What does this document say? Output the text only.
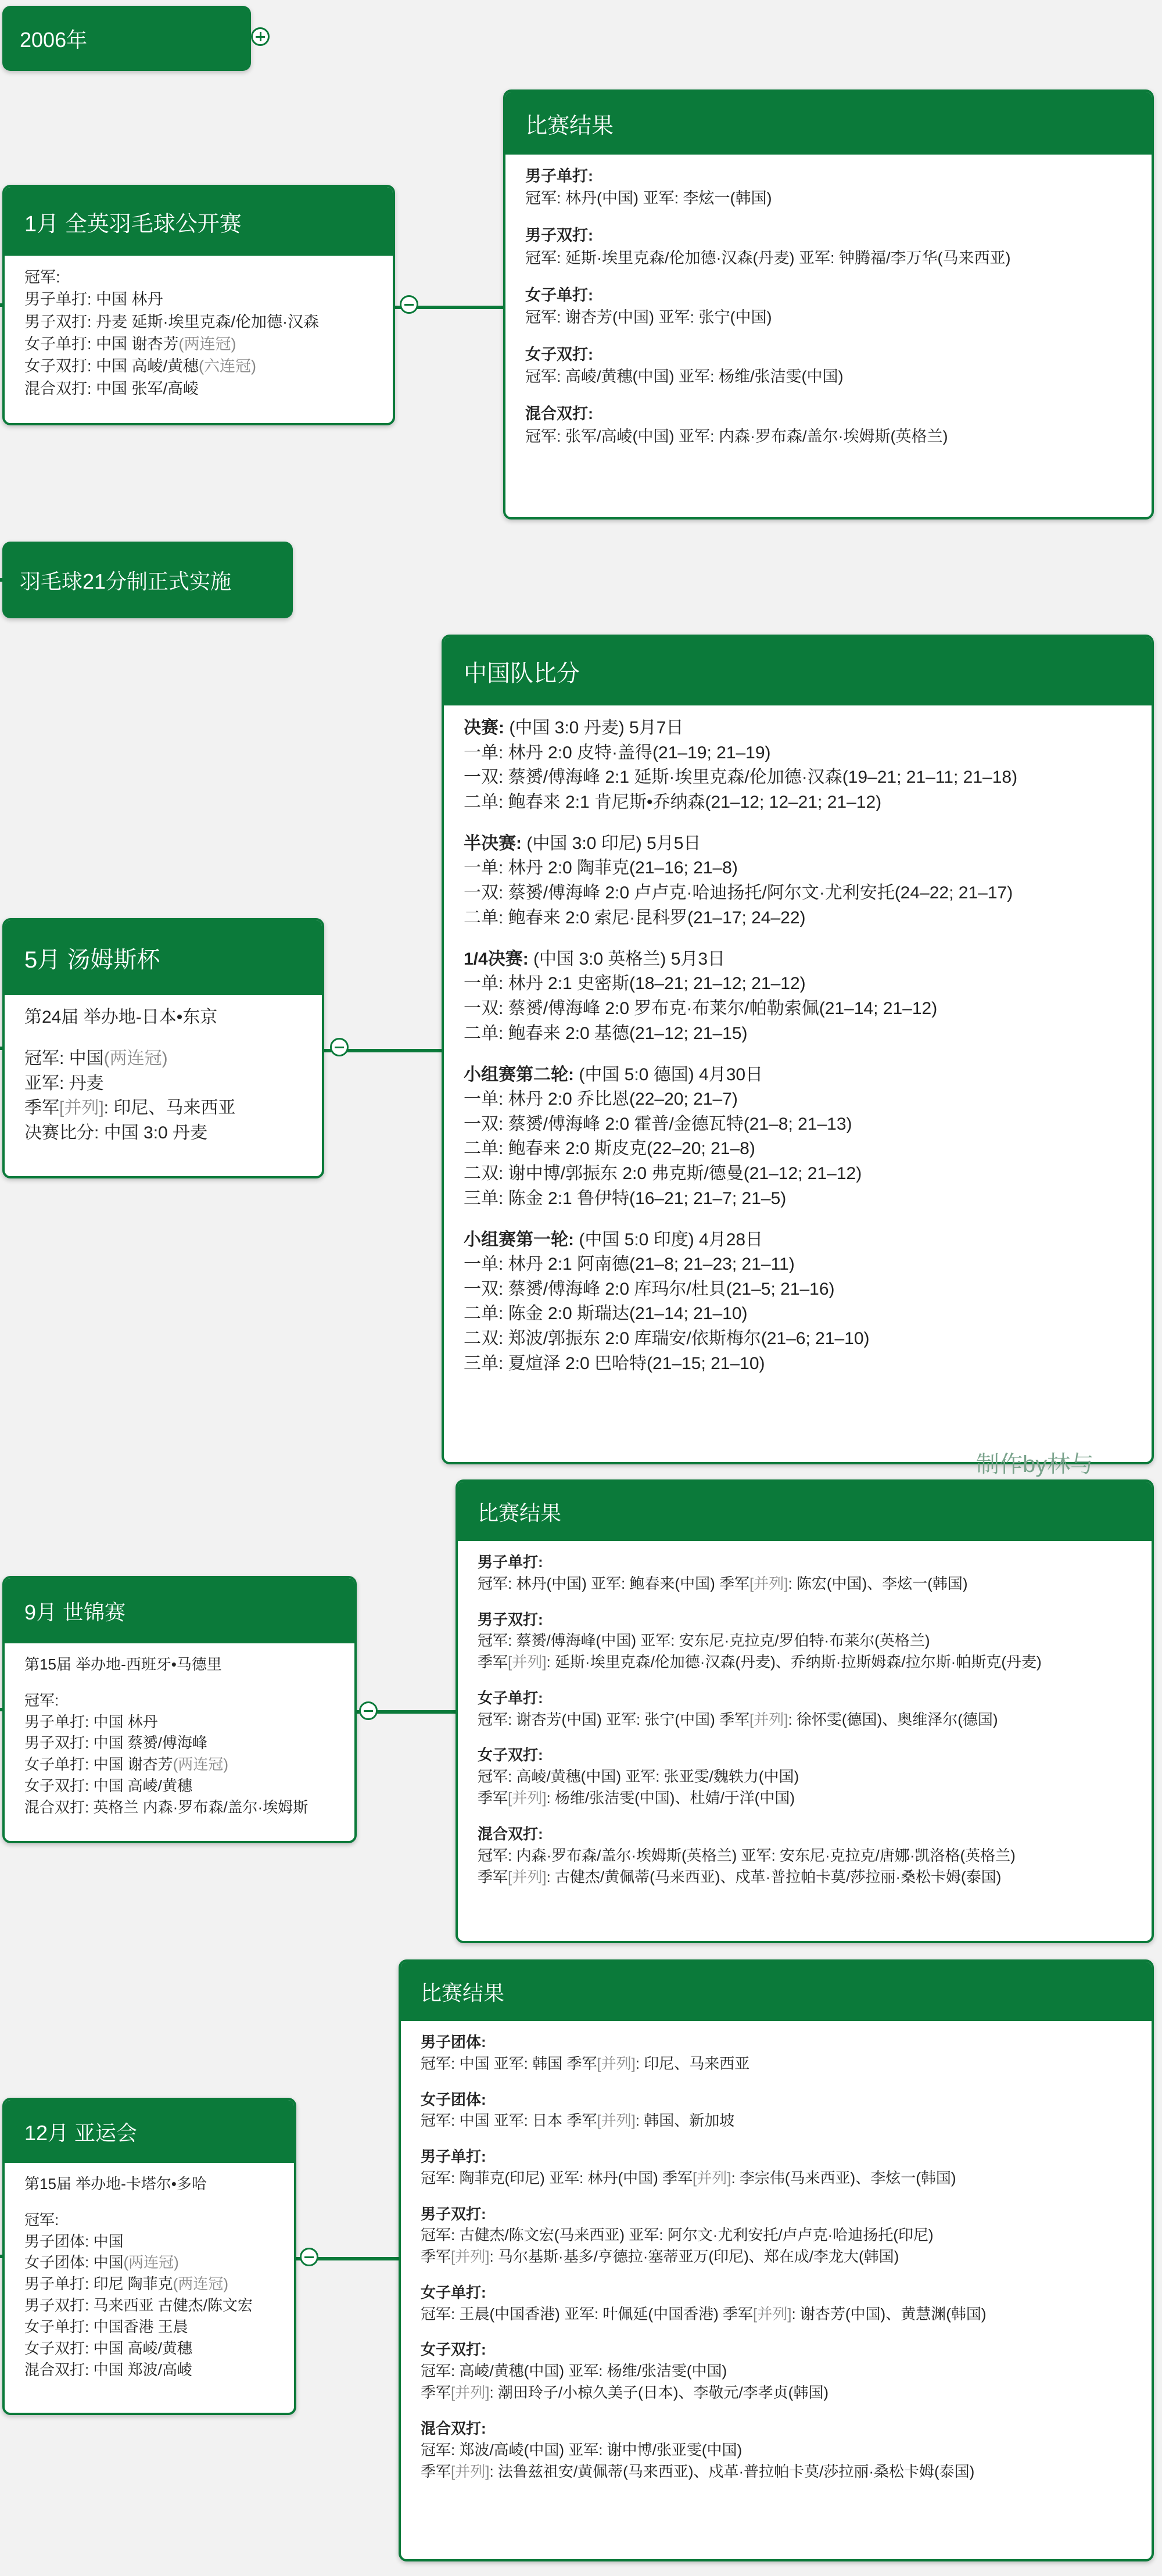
2006年
1月 全英羽毛球公开赛
冠军:
男子单打: 中国 林丹
男子双打: 丹麦 延斯·埃里克森/伦加德·汉森
女子单打: 中国 谢杏芳(两连冠)
女子双打: 中国 高崚/黄穗(六连冠)
混合双打: 中国 张军/高崚
比赛结果
男子单打:
冠军: 林丹(中国) 亚军: 李炫一(韩国)
男子双打:
冠军: 延斯·埃里克森/伦加德·汉森(丹麦) 亚军: 钟腾福/李万华(马来西亚)
女子单打:
冠军: 谢杏芳(中国) 亚军: 张宁(中国)
女子双打:
冠军: 高崚/黄穗(中国) 亚军: 杨维/张洁雯(中国)
混合双打:
冠军: 张军/高崚(中国) 亚军: 内森·罗布森/盖尔·埃姆斯(英格兰)
羽毛球21分制正式实施
5月 汤姆斯杯
第24届 举办地-日本•东京
冠军: 中国(两连冠)
亚军: 丹麦
季军[并列]: 印尼、马来西亚
决赛比分: 中国 3:0 丹麦
中国队比分
决赛: (中国 3:0 丹麦) 5月7日
一单: 林丹 2:0 皮特·盖得(21–19; 21–19)
一双: 蔡赟/傅海峰 2:1 延斯·埃里克森/伦加德·汉森(19–21; 21–11; 21–18)
二单: 鲍春来 2:1 肯尼斯•乔纳森(21–12; 12–21; 21–12)
半决赛: (中国 3:0 印尼) 5月5日
一单: 林丹 2:0 陶菲克(21–16; 21–8)
一双: 蔡赟/傅海峰 2:0 卢卢克·哈迪扬托/阿尔文·尤利安托(24–22; 21–17)
二单: 鲍春来 2:0 索尼·昆科罗(21–17; 24–22)
1/4决赛: (中国 3:0 英格兰) 5月3日
一单: 林丹 2:1 史密斯(18–21; 21–12; 21–12)
一双: 蔡赟/傅海峰 2:0 罗布克·布莱尔/帕勒索佩(21–14; 21–12)
二单: 鲍春来 2:0 基德(21–12; 21–15)
小组赛第二轮: (中国 5:0 德国) 4月30日
一单: 林丹 2:0 乔比恩(22–20; 21–7)
一双: 蔡赟/傅海峰 2:0 霍普/金德瓦特(21–8; 21–13)
二单: 鲍春来 2:0 斯皮克(22–20; 21–8)
二双: 谢中博/郭振东 2:0 弗克斯/德曼(21–12; 21–12)
三单: 陈金 2:1 鲁伊特(16–21; 21–7; 21–5)
小组赛第一轮: (中国 5:0 印度) 4月28日
一单: 林丹 2:1 阿南德(21–8; 21–23; 21–11)
一双: 蔡赟/傅海峰 2:0 库玛尔/杜貝(21–5; 21–16)
二单: 陈金 2:0 斯瑞达(21–14; 21–10)
二双: 郑波/郭振东 2:0 库瑞安/依斯梅尔(21–6; 21–10)
三单: 夏煊泽 2:0 巴哈特(21–15; 21–10)
制作by林与
9月 世锦赛
第15届 举办地-西班牙•马德里
冠军:
男子单打: 中国 林丹
男子双打: 中国 蔡赟/傅海峰
女子单打: 中国 谢杏芳(两连冠)
女子双打: 中国 高崚/黄穗
混合双打: 英格兰 内森·罗布森/盖尔·埃姆斯
比赛结果
男子单打:
冠军: 林丹(中国) 亚军: 鲍春来(中国) 季军[并列]: 陈宏(中国)、李炫一(韩国)
男子双打:
冠军: 蔡赟/傅海峰(中国) 亚军: 安东尼·克拉克/罗伯特·布莱尔(英格兰)
季军[并列]: 延斯·埃里克森/伦加德·汉森(丹麦)、乔纳斯·拉斯姆森/拉尔斯·帕斯克(丹麦)
女子单打:
冠军: 谢杏芳(中国) 亚军: 张宁(中国) 季军[并列]: 徐怀雯(德国)、奥维泽尔(德国)
女子双打:
冠军: 高崚/黄穗(中国) 亚军: 张亚雯/魏轶力(中国)
季军[并列]: 杨维/张洁雯(中国)、杜婧/于洋(中国)
混合双打:
冠军: 内森·罗布森/盖尔·埃姆斯(英格兰) 亚军: 安东尼·克拉克/唐娜·凯洛格(英格兰)
季军[并列]: 古健杰/黄佩蒂(马来西亚)、戍革·普拉帕卡莫/莎拉丽·桑松卡姆(泰国)
12月 亚运会
第15届 举办地-卡塔尔•多哈
冠军:
男子团体: 中国
女子团体: 中国(两连冠)
男子单打: 印尼 陶菲克(两连冠)
男子双打: 马来西亚 古健杰/陈文宏
女子单打: 中国香港 王晨
女子双打: 中国 高崚/黄穗
混合双打: 中国 郑波/高崚
比赛结果
男子团体:
冠军: 中国 亚军: 韩国 季军[并列]: 印尼、马来西亚
女子团体:
冠军: 中国 亚军: 日本 季军[并列]: 韩国、新加坡
男子单打:
冠军: 陶菲克(印尼) 亚军: 林丹(中国) 季军[并列]: 李宗伟(马来西亚)、李炫一(韩国)
男子双打:
冠军: 古健杰/陈文宏(马来西亚) 亚军: 阿尔文·尤利安托/卢卢克·哈迪扬托(印尼)
季军[并列]: 马尔基斯·基多/亨德拉·塞蒂亚万(印尼)、郑在成/李龙大(韩国)
女子单打:
冠军: 王晨(中国香港) 亚军: 叶佩延(中国香港) 季军[并列]: 谢杏芳(中国)、黄慧渊(韩国)
女子双打:
冠军: 高崚/黄穗(中国) 亚军: 杨维/张洁雯(中国)
季军[并列]: 潮田玲子/小椋久美子(日本)、李敬元/李孝贞(韩国)
混合双打:
冠军: 郑波/高崚(中国) 亚军: 谢中博/张亚雯(中国)
季军[并列]: 法鲁兹祖安/黄佩蒂(马来西亚)、戍革·普拉帕卡莫/莎拉丽·桑松卡姆(泰国)
